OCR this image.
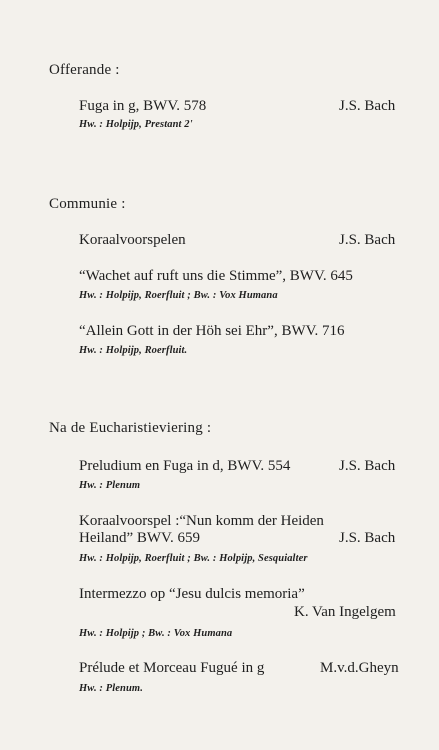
Offerande :
Fuga in g, BWV. 578	J.S. Bach
Hw. : Holpijp, Prestant 2'
Communie :
Koraalvoorspelen	J.S. Bach
“Wachet auf ruft uns die Stimme”, BWV. 645
Hw. : Holpijp, Roerfluit ; Bw. : Vox Humana
“Allein Gott in der Höh sei Ehr”, BWV. 716
Hw. : Holpijp, Roerfluit.
Na de Eucharistieviering :
Preludium en Fuga in d, BWV. 554	J.S. Bach
Hw. : Plenum
Koraalvoorspel :“Nun komm der Heiden
Heiland” BWV. 659	J.S. Bach
Hw. : Holpijp, Roerfluit ; Bw. : Holpijp, Sesquialter
Intermezzo op “Jesu dulcis memoria”
K. Van Ingelgem
Hw. : Holpijp ; Bw. : Vox Humana
Prélude et Morceau Fugué in g	M.v.d.Gheyn
Hw. : Plenum.
